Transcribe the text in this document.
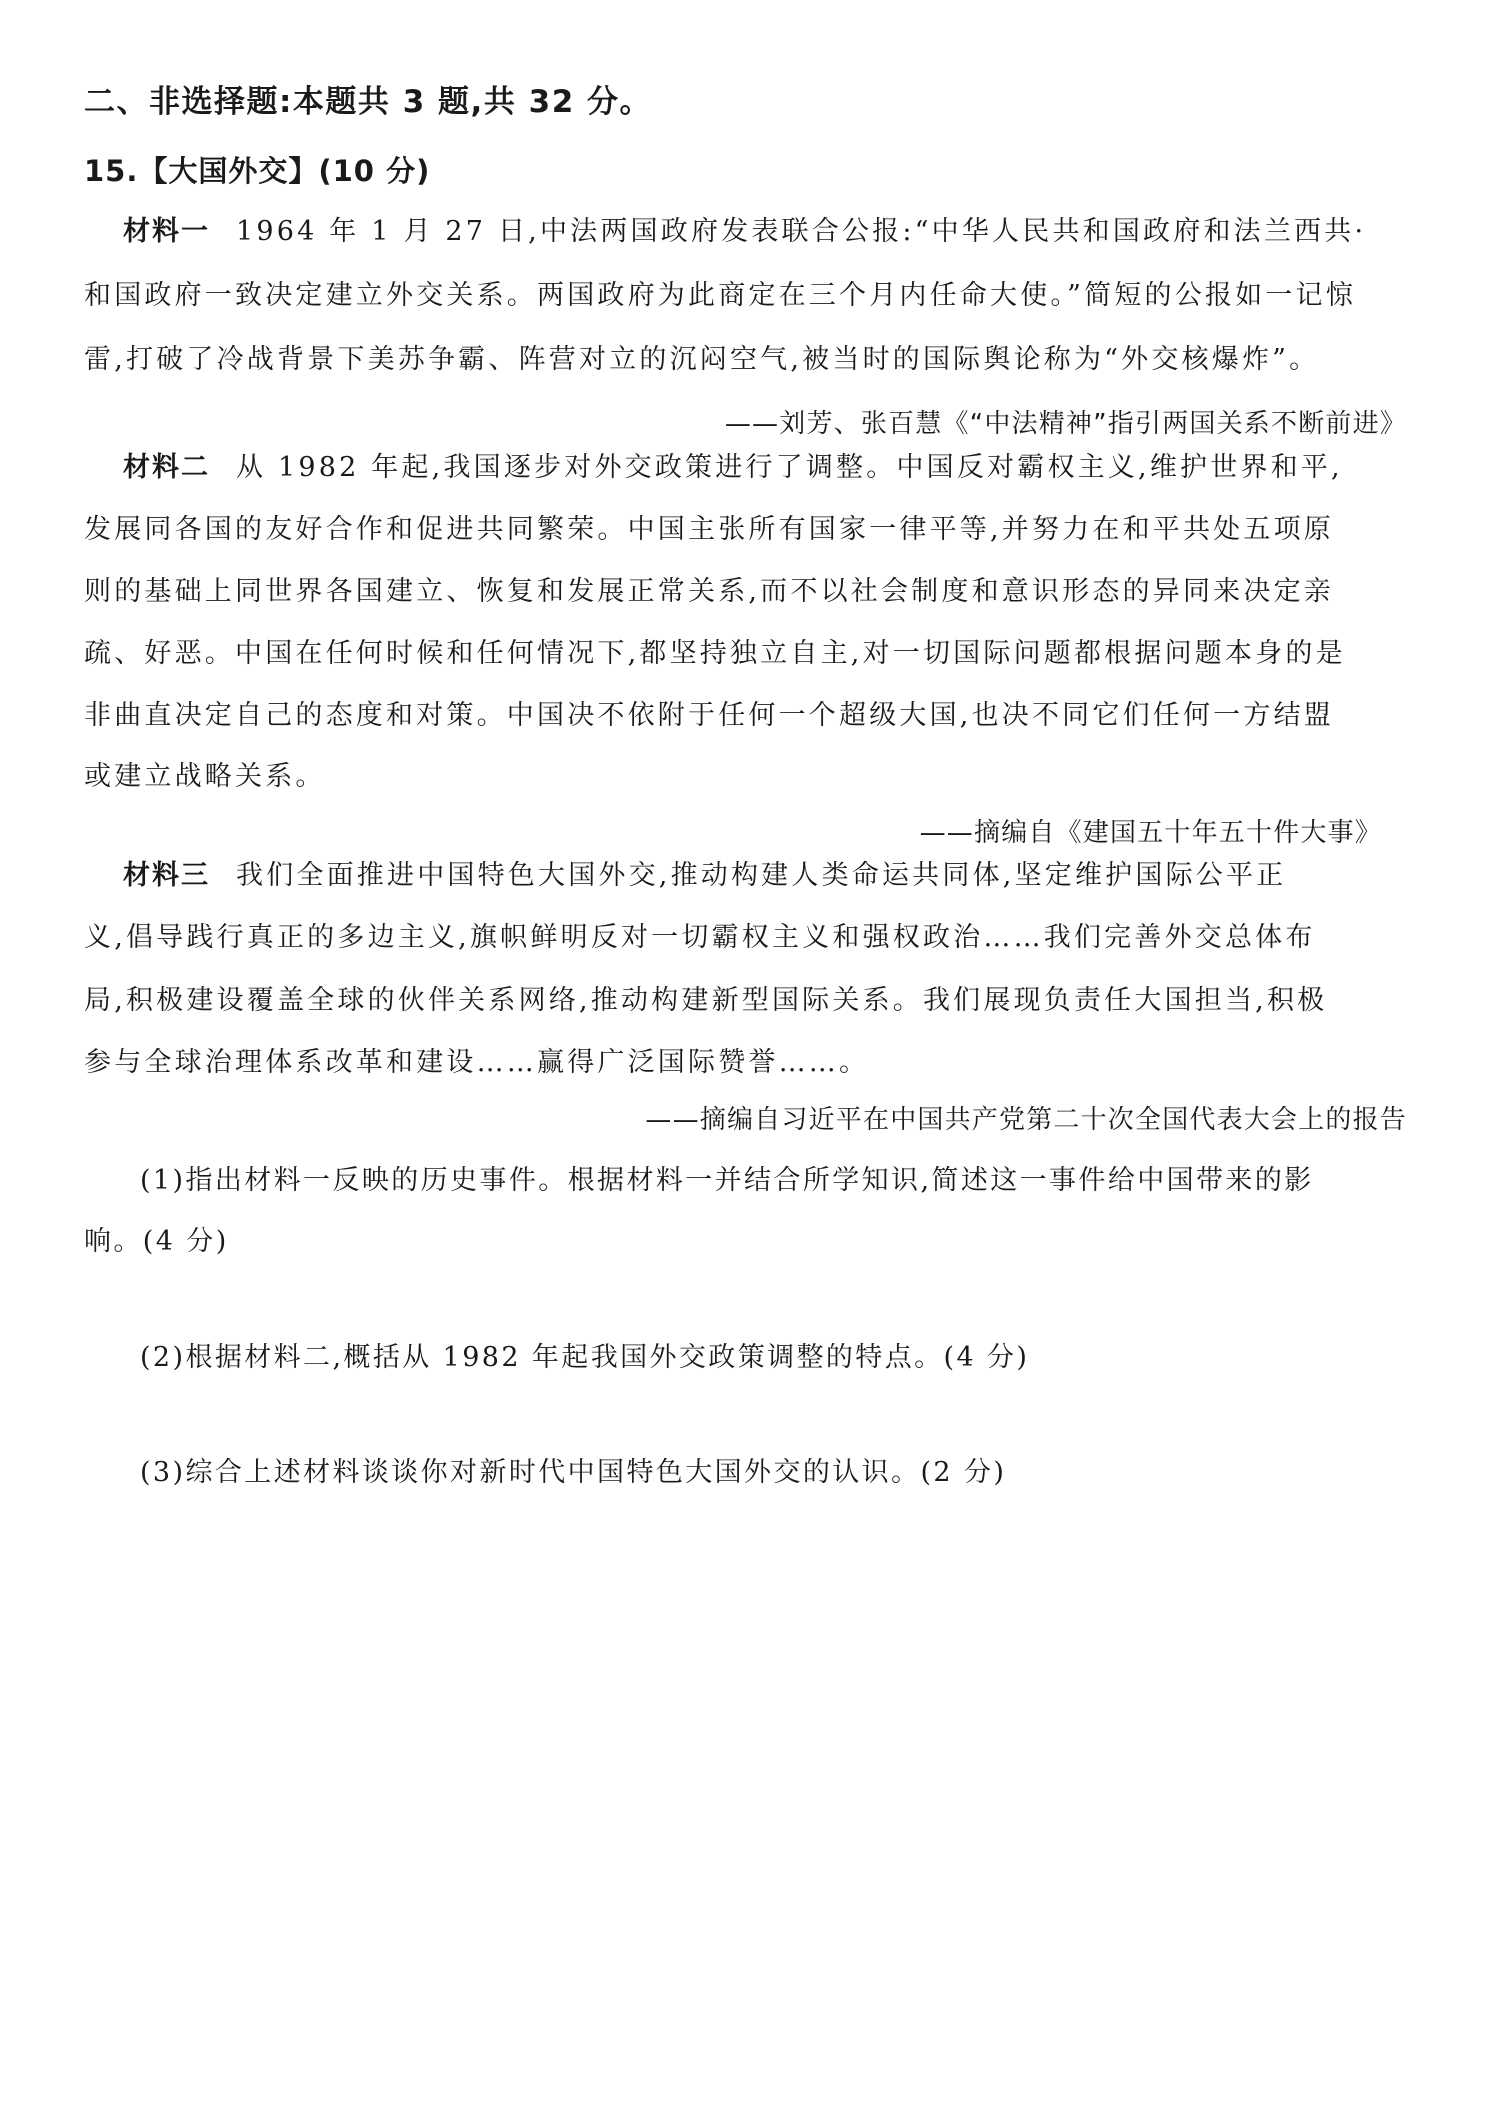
二、非选择题:本题共 3 题,共 32 分。
15.【大国外交】(10 分)
材料一 1964 年 1 月 27 日,中法两国政府发表联合公报:“中华人民共和国政府和法兰西共·
和国政府一致决定建立外交关系。两国政府为此商定在三个月内任命大使。”简短的公报如一记惊
雷,打破了冷战背景下美苏争霸、阵营对立的沉闷空气,被当时的国际舆论称为“外交核爆炸”。
——刘芳、张百慧《“中法精神”指引两国关系不断前进》
材料二 从 1982 年起,我国逐步对外交政策进行了调整。中国反对霸权主义,维护世界和平,
发展同各国的友好合作和促进共同繁荣。中国主张所有国家一律平等,并努力在和平共处五项原
则的基础上同世界各国建立、恢复和发展正常关系,而不以社会制度和意识形态的异同来决定亲
疏、好恶。中国在任何时候和任何情况下,都坚持独立自主,对一切国际问题都根据问题本身的是
非曲直决定自己的态度和对策。中国决不依附于任何一个超级大国,也决不同它们任何一方结盟
或建立战略关系。
——摘编自《建国五十年五十件大事》
材料三 我们全面推进中国特色大国外交,推动构建人类命运共同体,坚定维护国际公平正
义,倡导践行真正的多边主义,旗帜鲜明反对一切霸权主义和强权政治……我们完善外交总体布
局,积极建设覆盖全球的伙伴关系网络,推动构建新型国际关系。我们展现负责任大国担当,积极
参与全球治理体系改革和建设……赢得广泛国际赞誉……。
——摘编自习近平在中国共产党第二十次全国代表大会上的报告
(1)指出材料一反映的历史事件。根据材料一并结合所学知识,简述这一事件给中国带来的影
响。(4 分)
(2)根据材料二,概括从 1982 年起我国外交政策调整的特点。(4 分)
(3)综合上述材料谈谈你对新时代中国特色大国外交的认识。(2 分)
